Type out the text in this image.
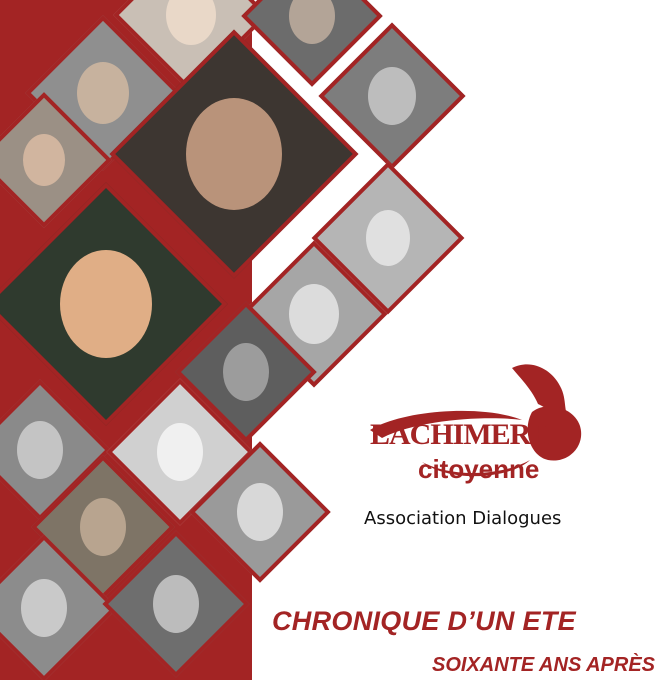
LACHIMERE
citoyenne
Association Dialogues
CHRONIQUE D’UN ETE
SOIXANTE ANS APRÈS
